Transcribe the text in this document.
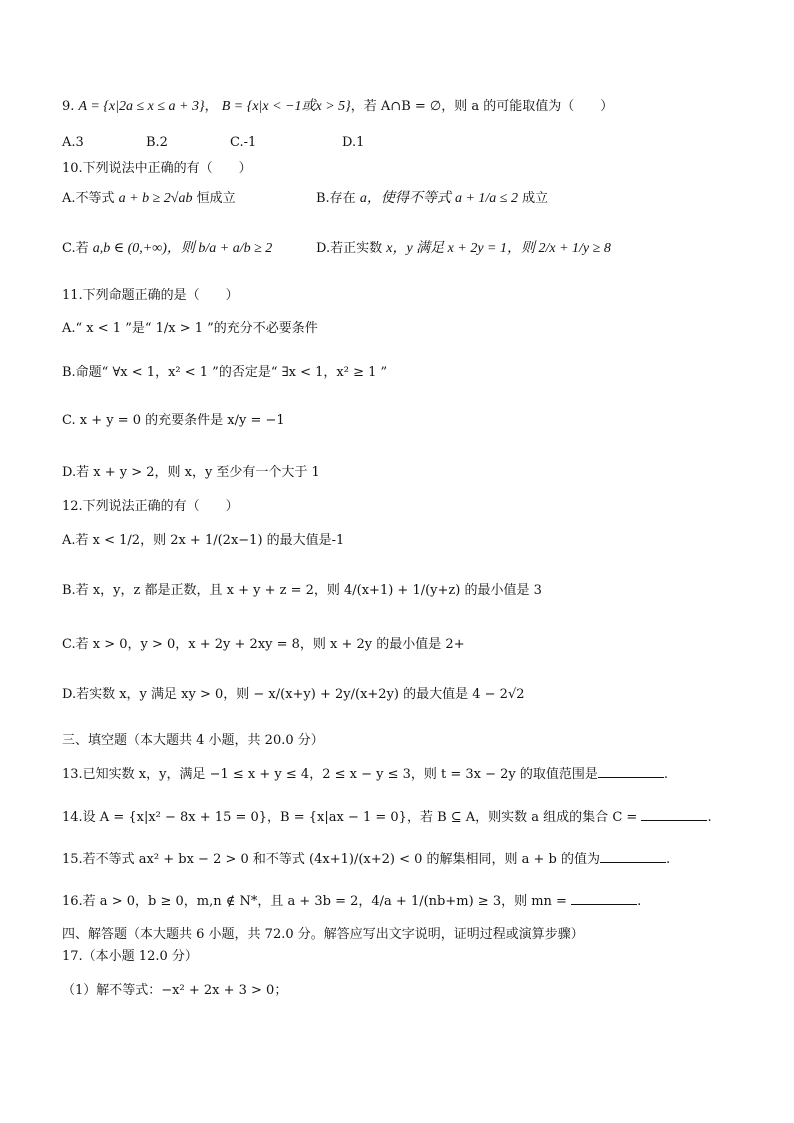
9. A = {x|2a ≤ x ≤ a + 3}， B = {x|x < −1或x > 5}，若 A∩B = ∅，则 a 的可能取值为（　　）
A.3	B.2	C.-1	D.1
10.下列说法中正确的有（　　）
A.不等式 a + b ≥ 2√ab 恒成立	B.存在 a，使得不等式 a + 1/a ≤ 2 成立
C.若 a,b ∈ (0,+∞)，则 b/a + a/b ≥ 2	D.若正实数 x，y 满足 x + 2y = 1，则 2/x + 1/y ≥ 8
11.下列命题正确的是（　　）
A.“ x < 1 ”是“ 1/x > 1 ”的充分不必要条件
B.命题“ ∀x < 1，x² < 1 ”的否定是“ ∃x < 1，x² ≥ 1 ”
C. x + y = 0 的充要条件是 x/y = −1
D.若 x + y > 2，则 x，y 至少有一个大于 1
12.下列说法正确的有（　　）
A.若 x < 1/2，则 2x + 1/(2x−1) 的最大值是-1
B.若 x，y，z 都是正数，且 x + y + z = 2，则 4/(x+1) + 1/(y+z) 的最小值是 3
C.若 x > 0，y > 0，x + 2y + 2xy = 8，则 x + 2y 的最小值是 2+
D.若实数 x，y 满足 xy > 0，则 − x/(x+y) + 2y/(x+2y) 的最大值是 4 − 2√2
三、填空题（本大题共 4 小题，共 20.0 分）
13.已知实数 x，y，满足 −1 ≤ x + y ≤ 4，2 ≤ x − y ≤ 3，则 t = 3x − 2y 的取值范围是	.
14.设 A = {x|x² − 8x + 15 = 0}，B = {x|ax − 1 = 0}，若 B ⊆ A，则实数 a 组成的集合 C =	.
15.若不等式 ax² + bx − 2 > 0 和不等式 (4x+1)/(x+2) < 0 的解集相同，则 a + b 的值为	.
16.若 a > 0，b ≥ 0，m,n ∉ N*，且 a + 3b = 2，4/a + 1/(nb+m) ≥ 3，则 mn =	.
四、解答题（本大题共 6 小题，共 72.0 分。解答应写出文字说明，证明过程或演算步骤）
17.（本小题 12.0 分）
（1）解不等式：−x² + 2x + 3 > 0；
